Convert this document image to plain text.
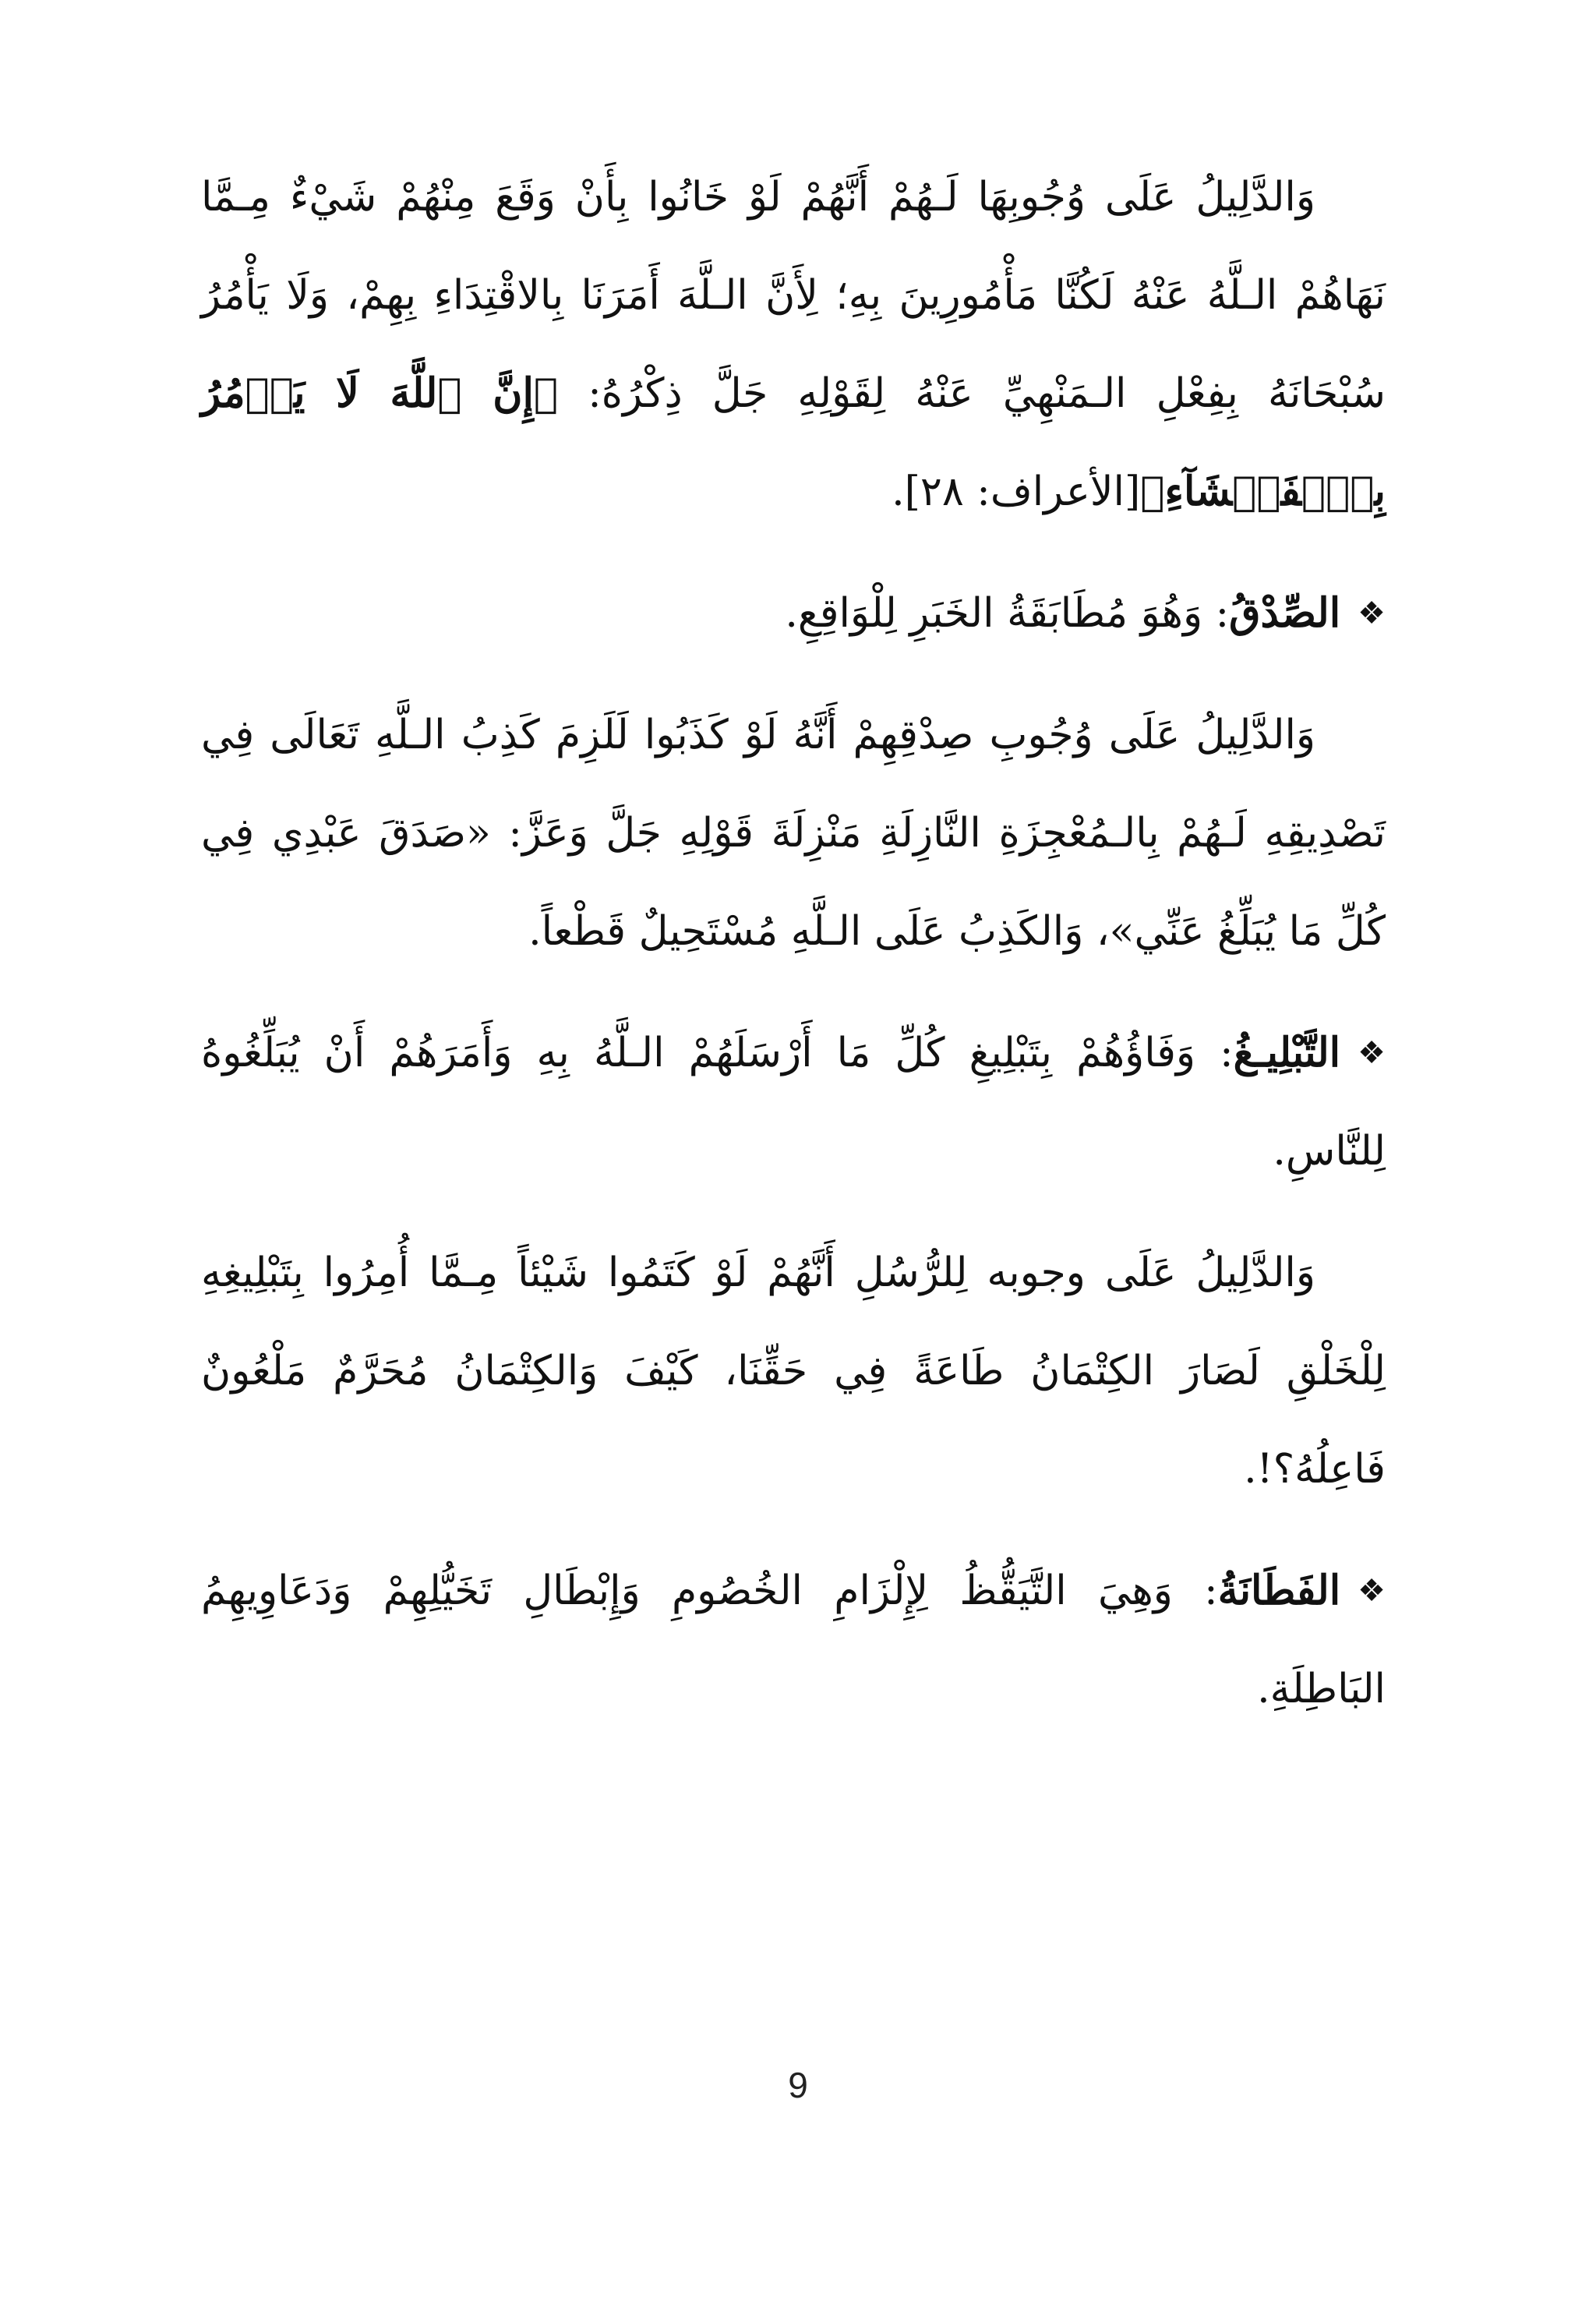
وَالدَّلِيلُ عَلَى وُجُوبِهَا لَـهُمْ أَنَّهُمْ لَوْ خَانُوا بِأَنْ وَقَعَ مِنْهُمْ شَيْءٌ مِـمَّا نَهَاهُمْ الـلَّهُ عَنْهُ لَكُنَّا مَأْمُورِينَ بِهِ؛ لِأَنَّ الـلَّهَ أَمَرَنَا بِالاقْتِدَاءِ بِهِمْ، وَلَا يَأْمُرُ سُبْحَانَهُ بِفِعْلِ الـمَنْهِيِّ عَنْهُ لِقَوْلِهِ جَلَّ ذِكْرُهُ: ﴿إِنَّ ٱللَّهَ لَا يَأۡمُرُ بِٱلۡفَحۡشَآءِ﴾[الأعراف: ٢٨].

❖الصِّدْقُ: وَهُوَ مُطَابَقَةُ الخَبَرِ لِلْوَاقِعِ.

وَالدَّلِيلُ عَلَى وُجُوبِ صِدْقِهِمْ أَنَّهُ لَوْ كَذَبُوا لَلَزِمَ كَذِبُ الـلَّهِ تَعَالَى فِي تَصْدِيقِهِ لَـهُمْ بِالـمُعْجِزَةِ النَّازِلَةِ مَنْزِلَةَ قَوْلِهِ جَلَّ وَعَزَّ: «صَدَقَ عَبْدِي فِي كُلِّ مَا يُبَلِّغُ عَنِّي»، وَالكَذِبُ عَلَى الـلَّهِ مُسْتَحِيلٌ قَطْعاً.

❖التَّبْلِيـغُ: وَفَاؤُهُمْ بِتَبْلِيغِ كُلِّ مَا أَرْسَلَهُمْ الـلَّهُ بِهِ وَأَمَرَهُمْ أَنْ يُبَلِّغُوهُ لِلنَّاسِ.

وَالدَّلِيلُ عَلَى وجوبه لِلرُّسُلِ أَنَّهُمْ لَوْ كَتَمُوا شَيْئاً مِـمَّا أُمِرُوا بِتَبْلِيغِهِ لِلْخَلْقِ لَصَارَ الكِتْمَانُ طَاعَةً فِي حَقِّنَا، كَيْفَ وَالكِتْمَانُ مُحَرَّمٌ مَلْعُونٌ فَاعِلُهُ؟!.

❖الفَطَانَةُ: وَهِيَ التَّيَقُّظُ لِإِلْزَامِ الخُصُومِ وَإِبْطَالِ تَخَيُّلِهِمْ وَدَعَاوِيهِمُ البَاطِلَةِ.

9
